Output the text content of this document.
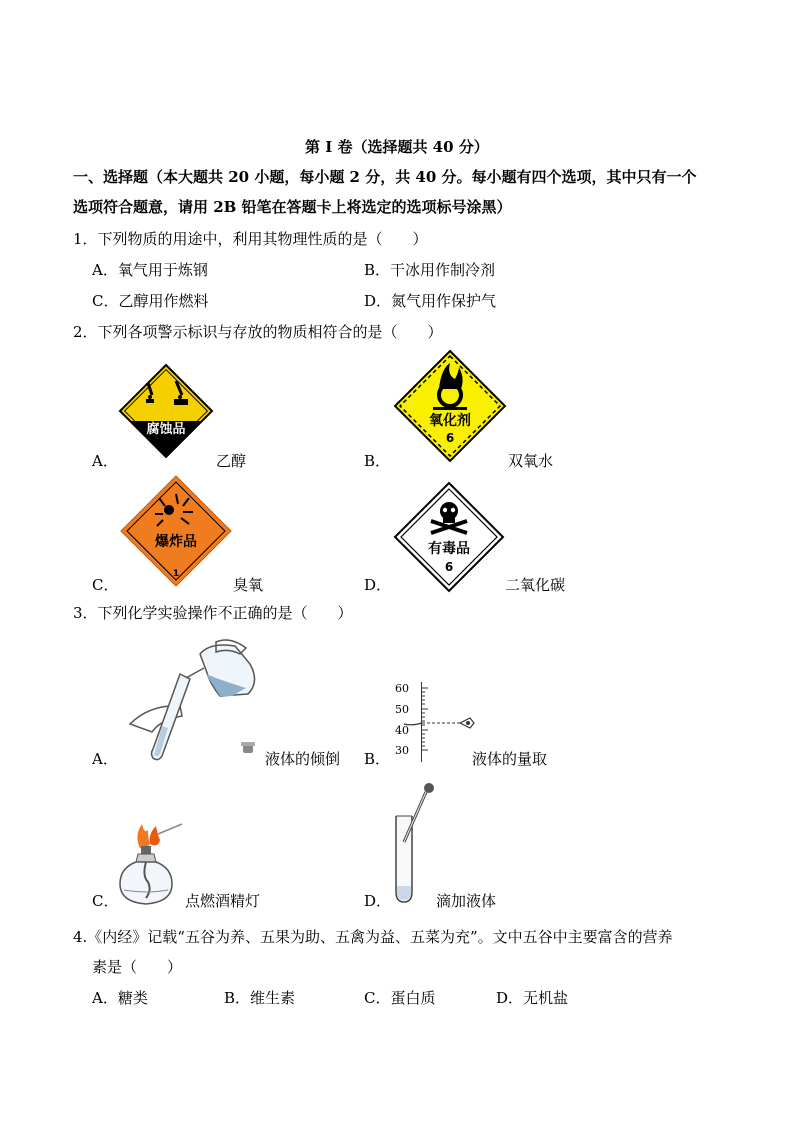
第 I 卷（选择题共 40 分）
一、选择题（本大题共 20 小题，每小题 2 分，共 40 分。每小题有四个选项，其中只有一个
选项符合题意，请用 2B 铅笔在答题卡上将选定的选项标号涂黑）
1．下列物质的用途中，利用其物理性质的是（　　）
A．氧气用于炼钢	B．干冰用作制冷剂
C．乙醇用作燃料	D．氮气用作保护气
2．下列各项警示标识与存放的物质相符合的是（　　）
腐蚀品
A．	乙醇
氧化剂
6
B．	双氧水
爆炸品
1
C．	臭氧
有毒品
6
D．	二氧化碳
3．下列化学实验操作不正确的是（　　）
A．	液体的倾倒
60
50
40
30
B．	液体的量取
C．	点燃酒精灯	D．	滴加液体
4.《内经》记载“五谷为养、五果为助、五禽为益、五菜为充”。文中五谷中主要富含的营养
素是（　　）
A．糖类	B．维生素	C．蛋白质	D．无机盐
